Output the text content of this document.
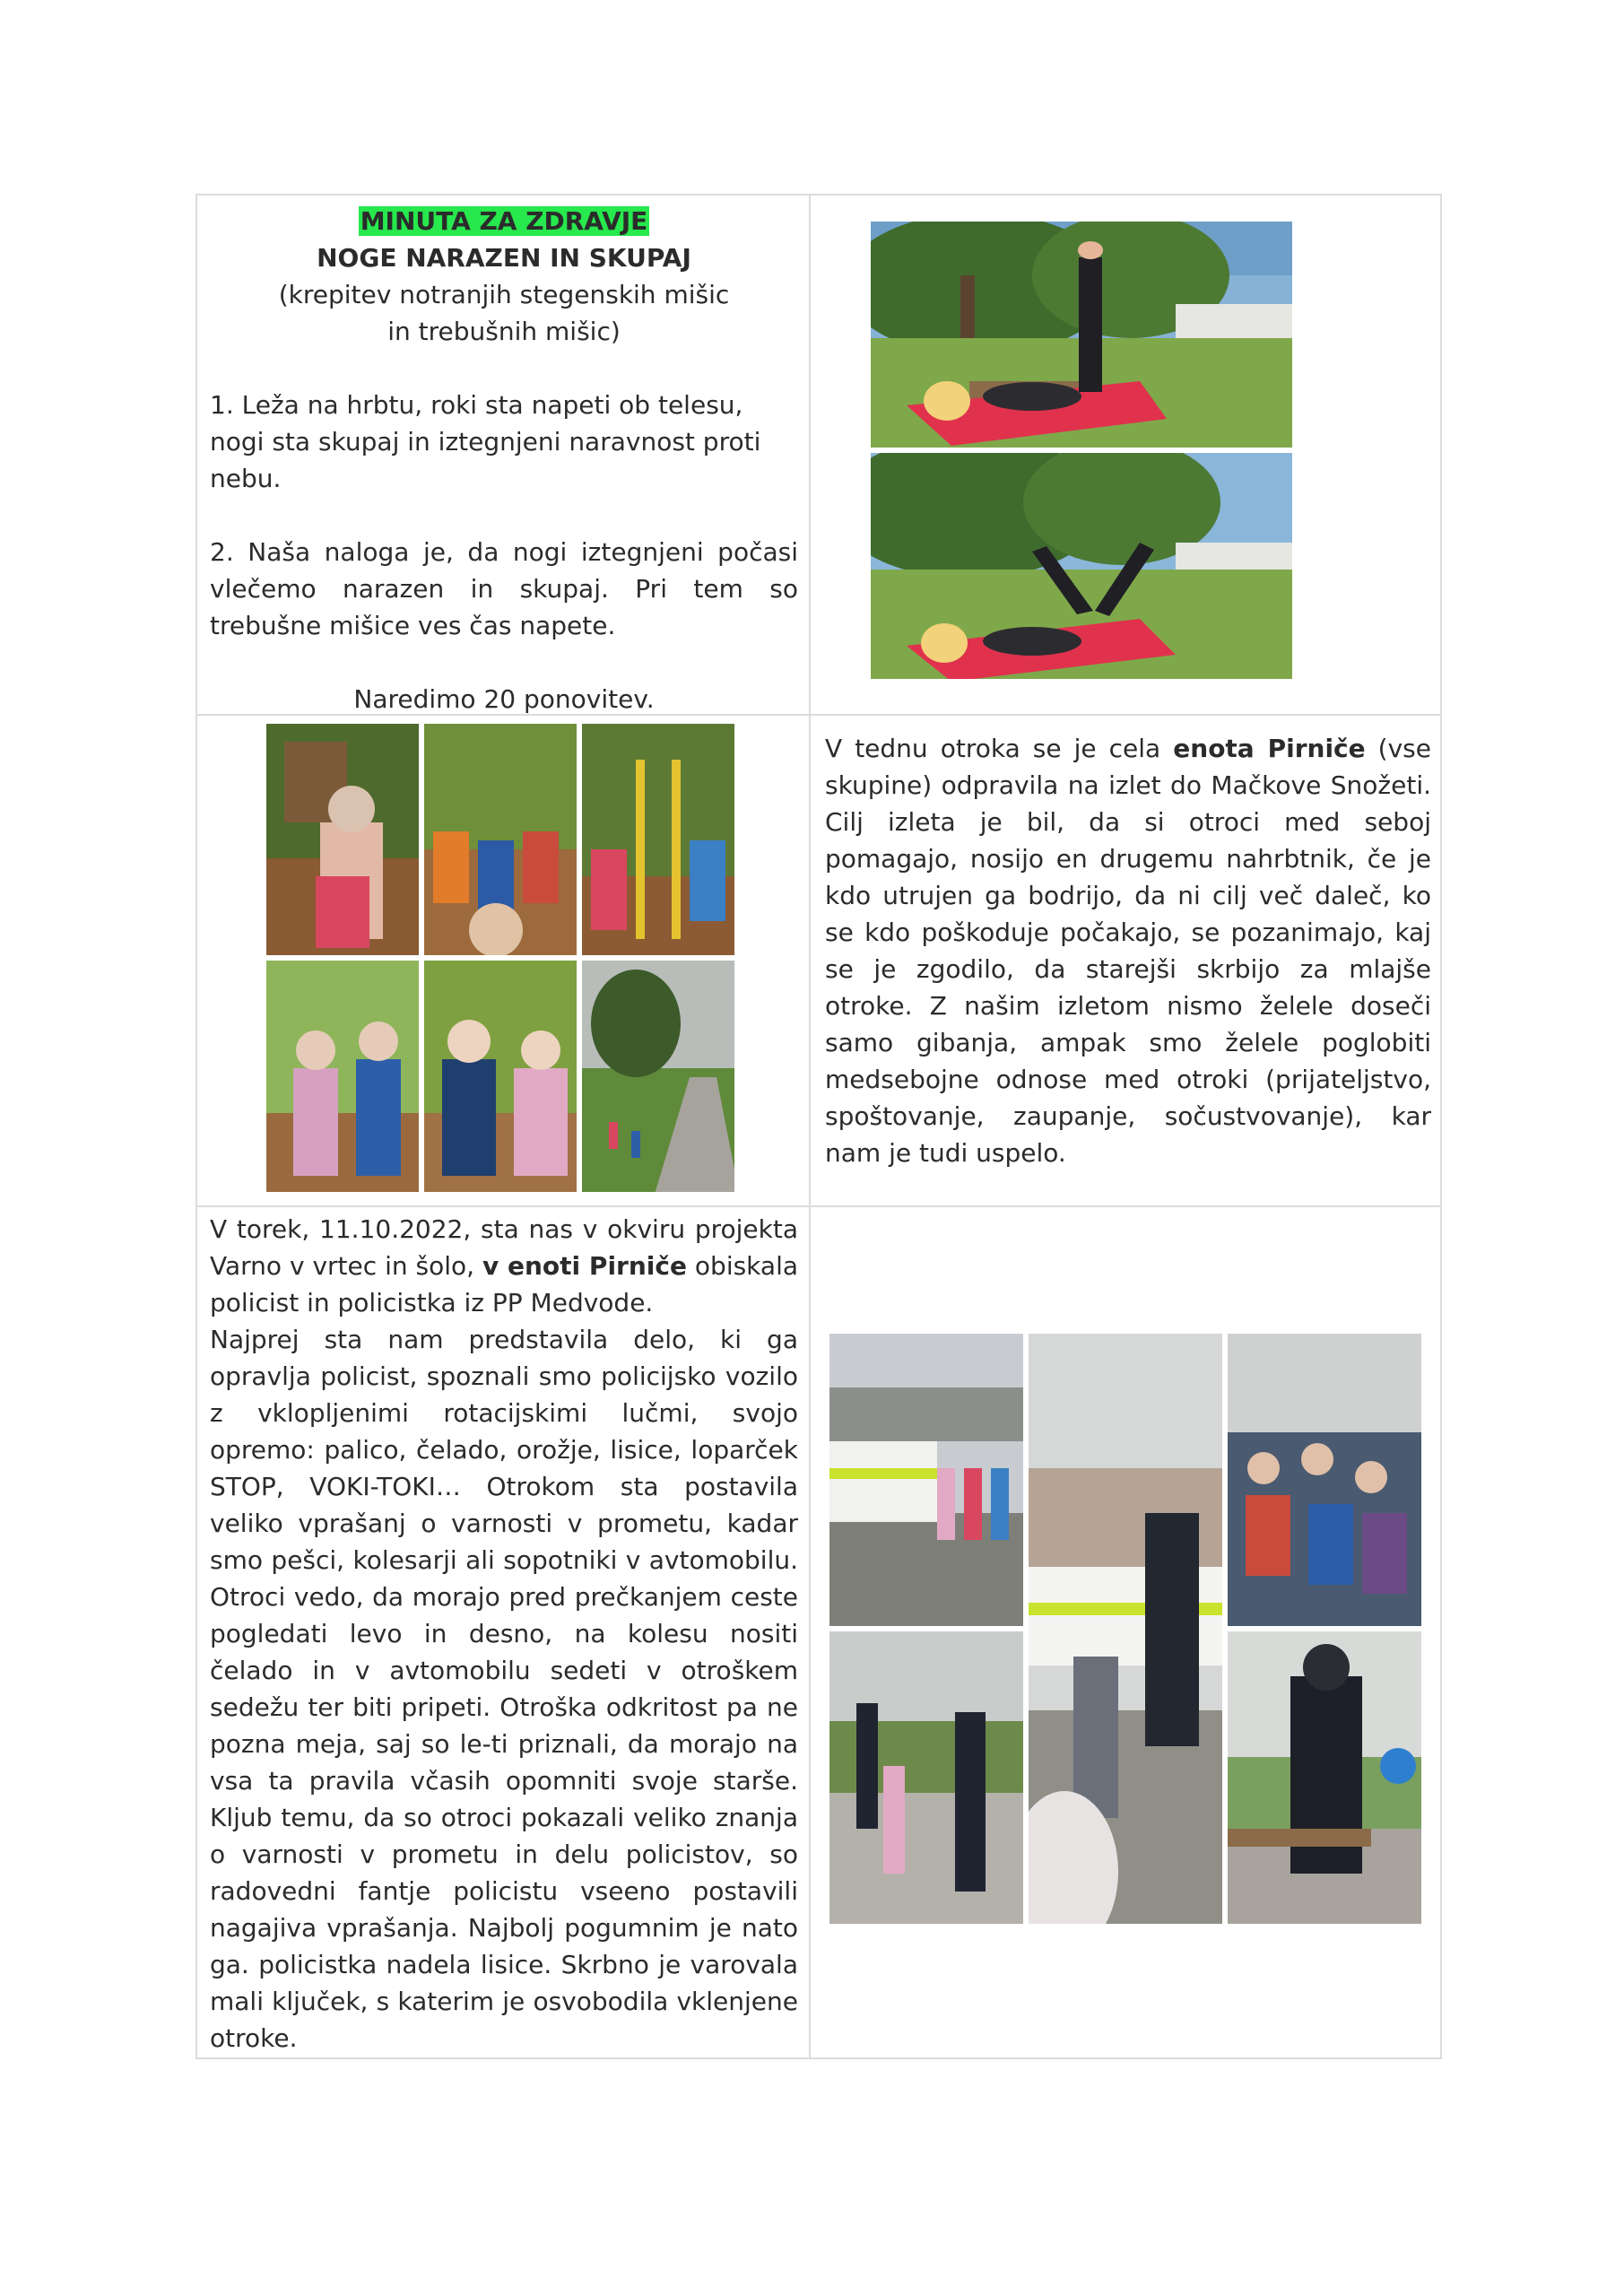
MINUTA ZA ZDRAVJE

NOGE NARAZEN IN SKUPAJ

(krepitev notranjih stegenskih mišic in trebušnih mišic)

1. Leža na hrbtu, roki sta napeti ob telesu, nogi sta skupaj in iztegnjeni naravnost proti nebu.

2. Naša naloga je, da nogi iztegnjeni počasi vlečemo narazen in skupaj. Pri tem so trebušne mišice ves čas napete.

Naredimo 20 ponovitev.

V tednu otroka se je cela enota Pirniče (vse skupine) odpravila na izlet do Mačkove Snožeti. Cilj izleta je bil, da si otroci med seboj pomagajo, nosijo en drugemu nahrbtnik, če je kdo utrujen ga bodrijo, da ni cilj več daleč, ko se kdo poškoduje počakajo, se pozanimajo, kaj se je zgodilo, da starejši skrbijo za mlajše otroke. Z našim izletom nismo želele doseči samo gibanja, ampak smo želele poglobiti medsebojne odnose med otroki (prijateljstvo, spoštovanje, zaupanje, sočustvovanje), kar nam je tudi uspelo.

V torek, 11.10.2022, sta nas v okviru projekta Varno v vrtec in šolo, v enoti Pirniče obiskala policist in policistka iz PP Medvode.

Najprej sta nam predstavila delo, ki ga opravlja policist, spoznali smo policijsko vozilo z vklopljenimi rotacijskimi lučmi, svojo opremo: palico, čelado, orožje, lisice, loparček STOP, VOKI-TOKI… Otrokom sta postavila veliko vprašanj o varnosti v prometu, kadar smo pešci, kolesarji ali sopotniki v avtomobilu. Otroci vedo, da morajo pred prečkanjem ceste pogledati levo in desno, na kolesu nositi čelado in v avtomobilu sedeti v otroškem sedežu ter biti pripeti. Otroška odkritost pa ne pozna meja, saj so le-ti priznali, da morajo na vsa ta pravila včasih opomniti svoje starše. Kljub temu, da so otroci pokazali veliko znanja o varnosti v prometu in delu policistov, so radovedni fantje policistu vseeno postavili nagajiva vprašanja. Najbolj pogumnim je nato ga. policistka nadela lisice. Skrbno je varovala mali ključek, s katerim je osvobodila vklenjene otroke.
